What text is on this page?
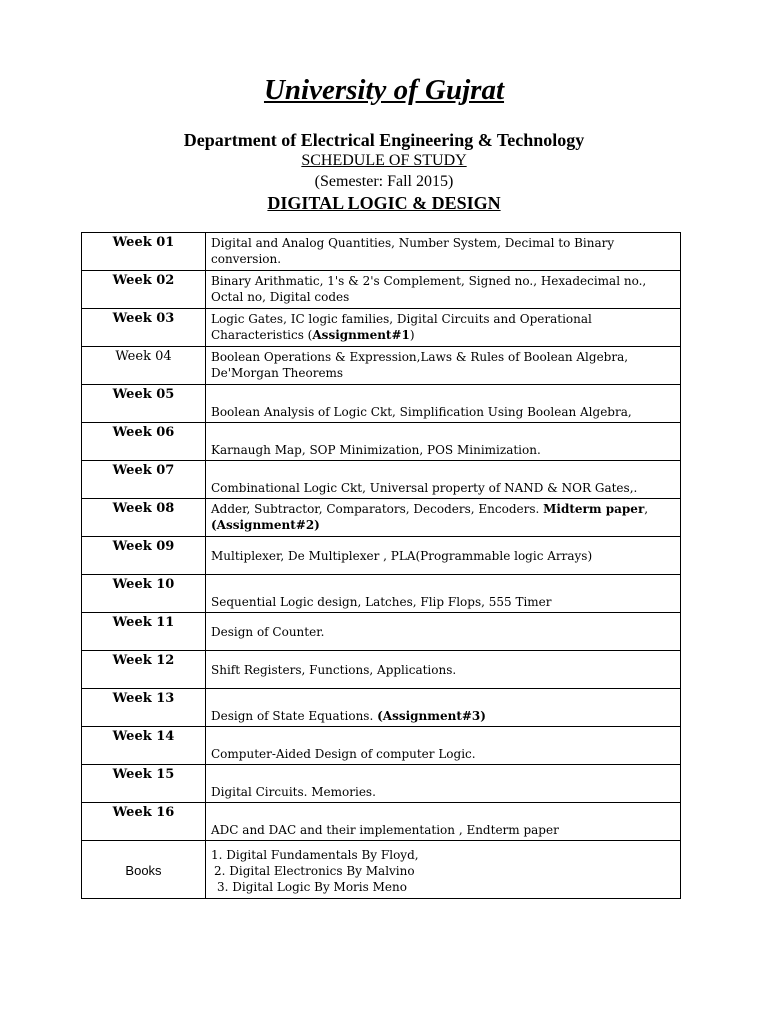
University of Gujrat
Department of Electrical Engineering & Technology
SCHEDULE OF STUDY
(Semester: Fall 2015)
DIGITAL LOGIC & DESIGN
Week 01	Digital and Analog Quantities, Number System, Decimal to Binary conversion.
Week 02	Binary Arithmatic, 1's & 2's Complement, Signed no., Hexadecimal no., Octal no, Digital codes
Week 03	Logic Gates, IC logic families, Digital Circuits and Operational Characteristics (Assignment#1)
Week 04	Boolean Operations & Expression,Laws & Rules of Boolean Algebra, De'Morgan Theorems
Week 05	Boolean Analysis of Logic Ckt, Simplification Using Boolean Algebra,
Week 06	Karnaugh Map, SOP Minimization, POS Minimization.
Week 07	Combinational Logic Ckt, Universal property of NAND & NOR Gates,.
Week 08	Adder, Subtractor, Comparators, Decoders, Encoders. Midterm paper,
(Assignment#2)
Week 09	Multiplexer, De Multiplexer , PLA(Programmable logic Arrays)
Week 10	Sequential Logic design, Latches, Flip Flops, 555 Timer
Week 11	Design of Counter.
Week 12	Shift Registers, Functions, Applications.
Week 13	Design of State Equations. (Assignment#3)
Week 14	Computer-Aided Design of computer Logic.
Week 15	Digital Circuits. Memories.
Week 16	ADC and DAC and their implementation , Endterm paper
Books	1. Digital Fundamentals By Floyd,
2. Digital Electronics By Malvino
3. Digital Logic By Moris Meno
